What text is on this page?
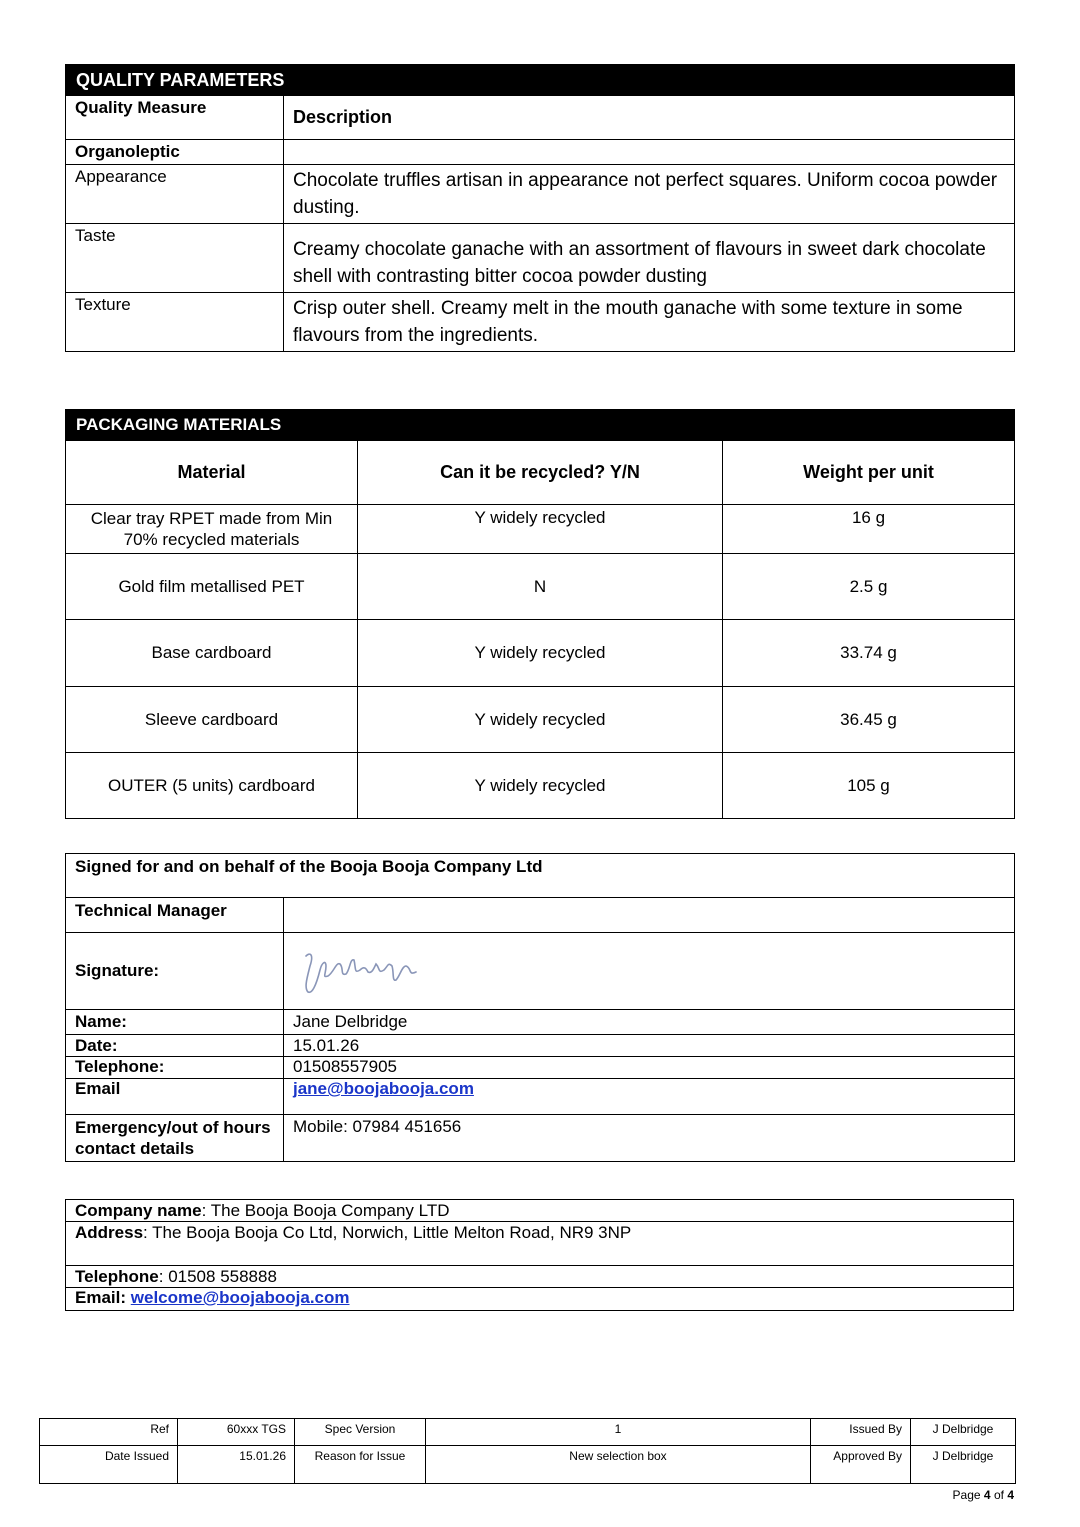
QUALITY PARAMETERS	
Quality Measure	Description
Organoleptic	
Appearance	Chocolate truffles artisan in appearance not perfect squares. Uniform cocoa powder dusting.
Taste	Creamy chocolate ganache with an assortment of flavours in sweet dark chocolate shell with contrasting bitter cocoa powder dusting
Texture	Crisp outer shell. Creamy melt in the mouth ganache with some texture in some flavours from the ingredients.
PACKAGING MATERIALS		
Material	Can it be recycled? Y/N	Weight per unit
Clear tray RPET made from Min 70% recycled materials	Y widely recycled	16 g
Gold film metallised PET	N	2.5 g
Base cardboard	Y widely recycled	33.74 g
Sleeve cardboard	Y widely recycled	36.45 g
OUTER (5 units) cardboard	Y widely recycled	105 g
Signed for and on behalf of the Booja Booja Company Ltd	
Technical Manager	
Signature:	
Name:	Jane Delbridge
Date:	15.01.26
Telephone:	01508557905
Email	jane@boojabooja.com
Emergency/out of hours contact details	Mobile: 07984 451656
Company name: The Booja Booja Company LTD
Address: The Booja Booja Co Ltd, Norwich, Little Melton Road, NR9 3NP
Telephone: 01508 558888
Email: welcome@boojabooja.com
Ref	60xxx TGS	Spec Version	1	Issued By	J Delbridge
Date Issued	15.01.26	Reason for Issue	New selection box	Approved By	J Delbridge
Page 4 of 4
